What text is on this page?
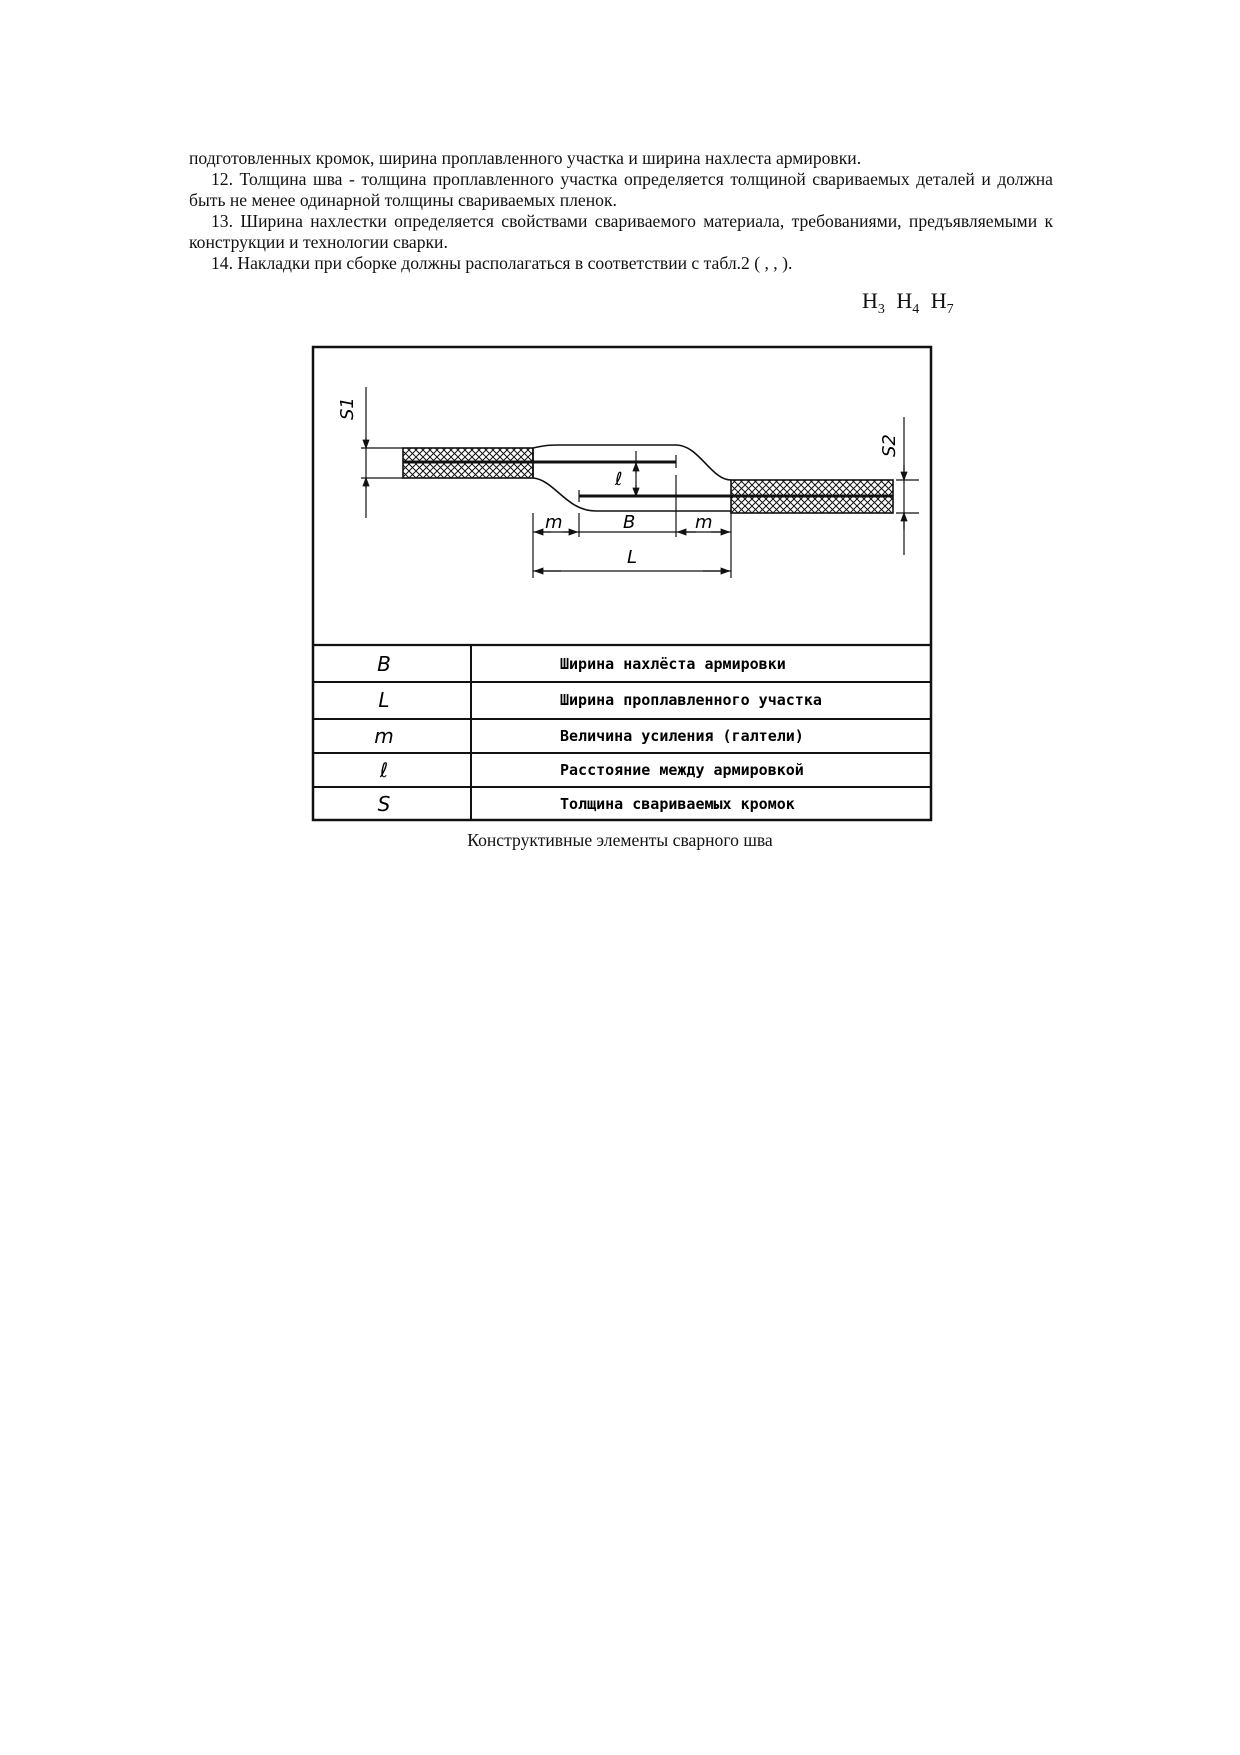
подготовленных кромок, ширина проплавленного участка и ширина нахлеста армировки.

12. Толщина шва - толщина проплавленного участка определяется толщиной свариваемых деталей и должна быть не менее одинарной толщины свариваемых пленок.

13. Ширина нахлестки определяется свойствами свариваемого материала, требованиями, предъявляемыми к конструкции и технологии сварки.

14. Накладки при сборке должны располагаться в соответствии с табл.2 ( , , ).

$H_3$ $H_4$ $H_7$
S1
S2
ℓ
m	B	m
L
B
L
m
ℓ
S
Ширина нахлёста армировки
Ширина проплавленного участка
Величина усиления (галтели)
Расстояние между армировкой
Толщина свариваемых кромок
Конструктивные элементы сварного шва
